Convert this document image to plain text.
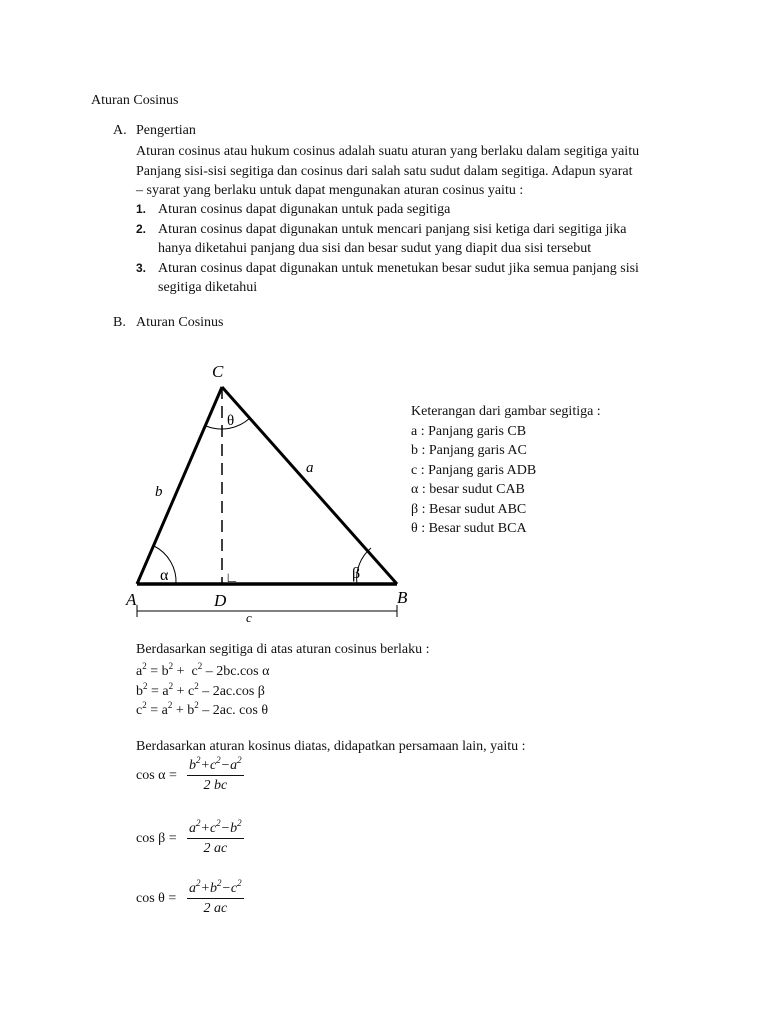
Aturan Cosinus
A. Pengertian
Aturan cosinus atau hukum cosinus adalah suatu aturan yang berlaku dalam segitiga yaitu
Panjang sisi-sisi segitiga dan cosinus dari salah satu sudut dalam segitiga. Adapun syarat
– syarat yang berlaku untuk dapat mengunakan aturan cosinus yaitu :
1. Aturan cosinus dapat digunakan untuk pada segitiga
2. Aturan cosinus dapat digunakan untuk mencari panjang sisi ketiga dari segitiga jika
hanya diketahui panjang dua sisi dan besar sudut yang diapit dua sisi tersebut
3. Aturan cosinus dapat digunakan untuk menetukan besar sudut jika semua panjang sisi
segitiga diketahui
B. Aturan Cosinus
C
A	B
D
a
b
c
α	β
θ
∟
Keterangan dari gambar segitiga :
a : Panjang garis CB
b : Panjang garis AC
c : Panjang garis ADB
α : besar sudut CAB
β : Besar sudut ABC
θ : Besar sudut BCA
Berdasarkan segitiga di atas aturan cosinus berlaku :
$a^2 = b^2 + c^2 - 2bc.\cos$ α
$b^2 = a^2 + c^2 - 2ac.\cos$ β
$c^2 = a^2 + b^2 - 2ac$. cos θ
Berdasarkan aturan kosinus diatas, didapatkan persamaan lain, yaitu :
$\cos \alpha = \frac{b^2+c^2-a^2}{2 bc}$
$\cos \beta = \frac{a^2+c^2-b^2}{2 ac}$
$\cos \theta = \frac{a^2+b^2-c^2}{2 ac}$
